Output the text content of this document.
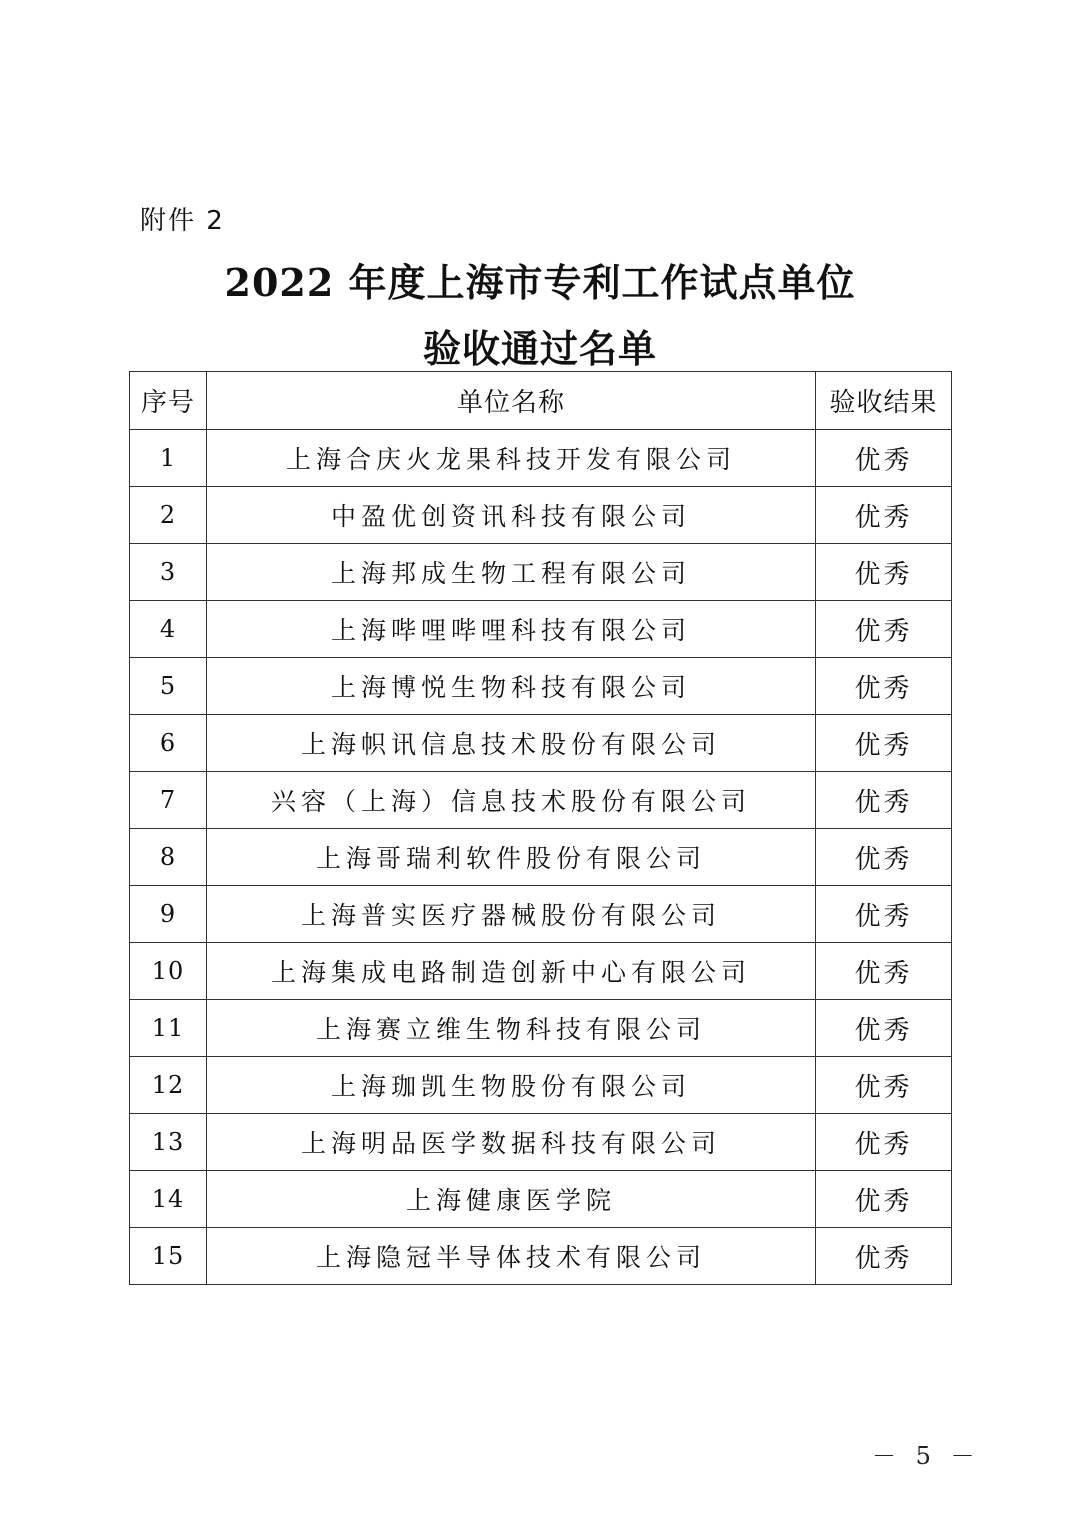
附件 2
2022 年度上海市专利工作试点单位
验收通过名单
序号	单位名称	验收结果
1	上海合庆火龙果科技开发有限公司	优秀
2	中盈优创资讯科技有限公司	优秀
3	上海邦成生物工程有限公司	优秀
4	上海哔哩哔哩科技有限公司	优秀
5	上海博悦生物科技有限公司	优秀
6	上海帜讯信息技术股份有限公司	优秀
7	兴容（上海）信息技术股份有限公司	优秀
8	上海哥瑞利软件股份有限公司	优秀
9	上海普实医疗器械股份有限公司	优秀
10	上海集成电路制造创新中心有限公司	优秀
11	上海赛立维生物科技有限公司	优秀
12	上海珈凯生物股份有限公司	优秀
13	上海明品医学数据科技有限公司	优秀
14	上海健康医学院	优秀
15	上海隐冠半导体技术有限公司	优秀
－ 5 －
